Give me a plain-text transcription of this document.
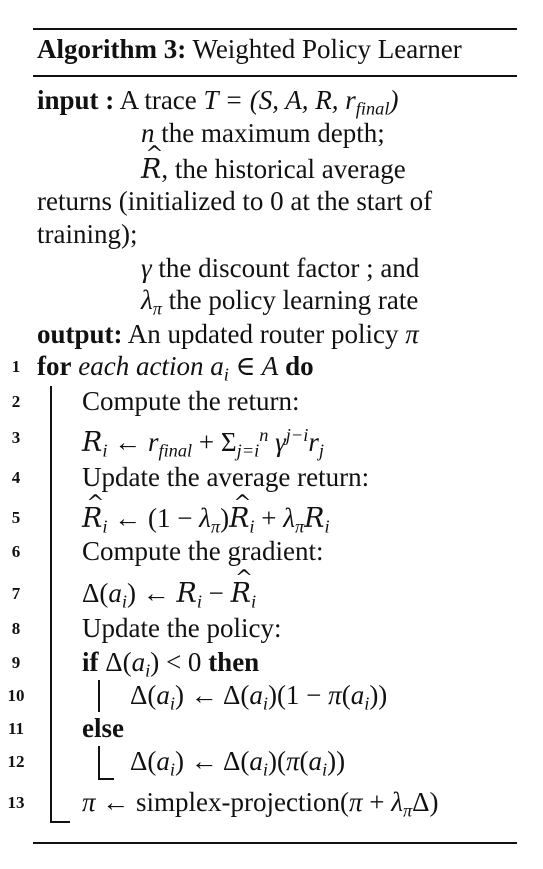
Algorithm 3: Weighted Policy Learner
input : A trace T = (S, A, R, $r_{final}$)
n the maximum depth;
^ R, the historical average
returns (initialized to 0 at the start of
training);
γ the discount factor ; and
$\lambda_\pi$ the policy learning rate
output: An updated router policy π
1
2
3
4
5
6
7
8
9
10
11
12
13
for each action $a_i$ ∈ A do
Compute the return:
$R_i$ ← $r_{final} + \Sigma_{j=i}^n$ $\gamma^{j-i}r_j$
Update the average return:
^ $R_i$ ← $(1 - \lambda_\pi)\^{}$ $R_i + \lambda_\pi R_i$
Compute the gradient:
$\Delta(a_i)$ ← $R_i$ − ^ $R_i$
Update the policy:
if $\Delta(a_i) < 0$ then
$\Delta(a_i)$ ← $\Delta(a_i)(1 - \pi(a_i))$
else
$\Delta(a_i)$ ← $\Delta(a_i)(\pi(a_i))$
π ← simplex-projection(π + $\lambda_\pi\Delta$)
